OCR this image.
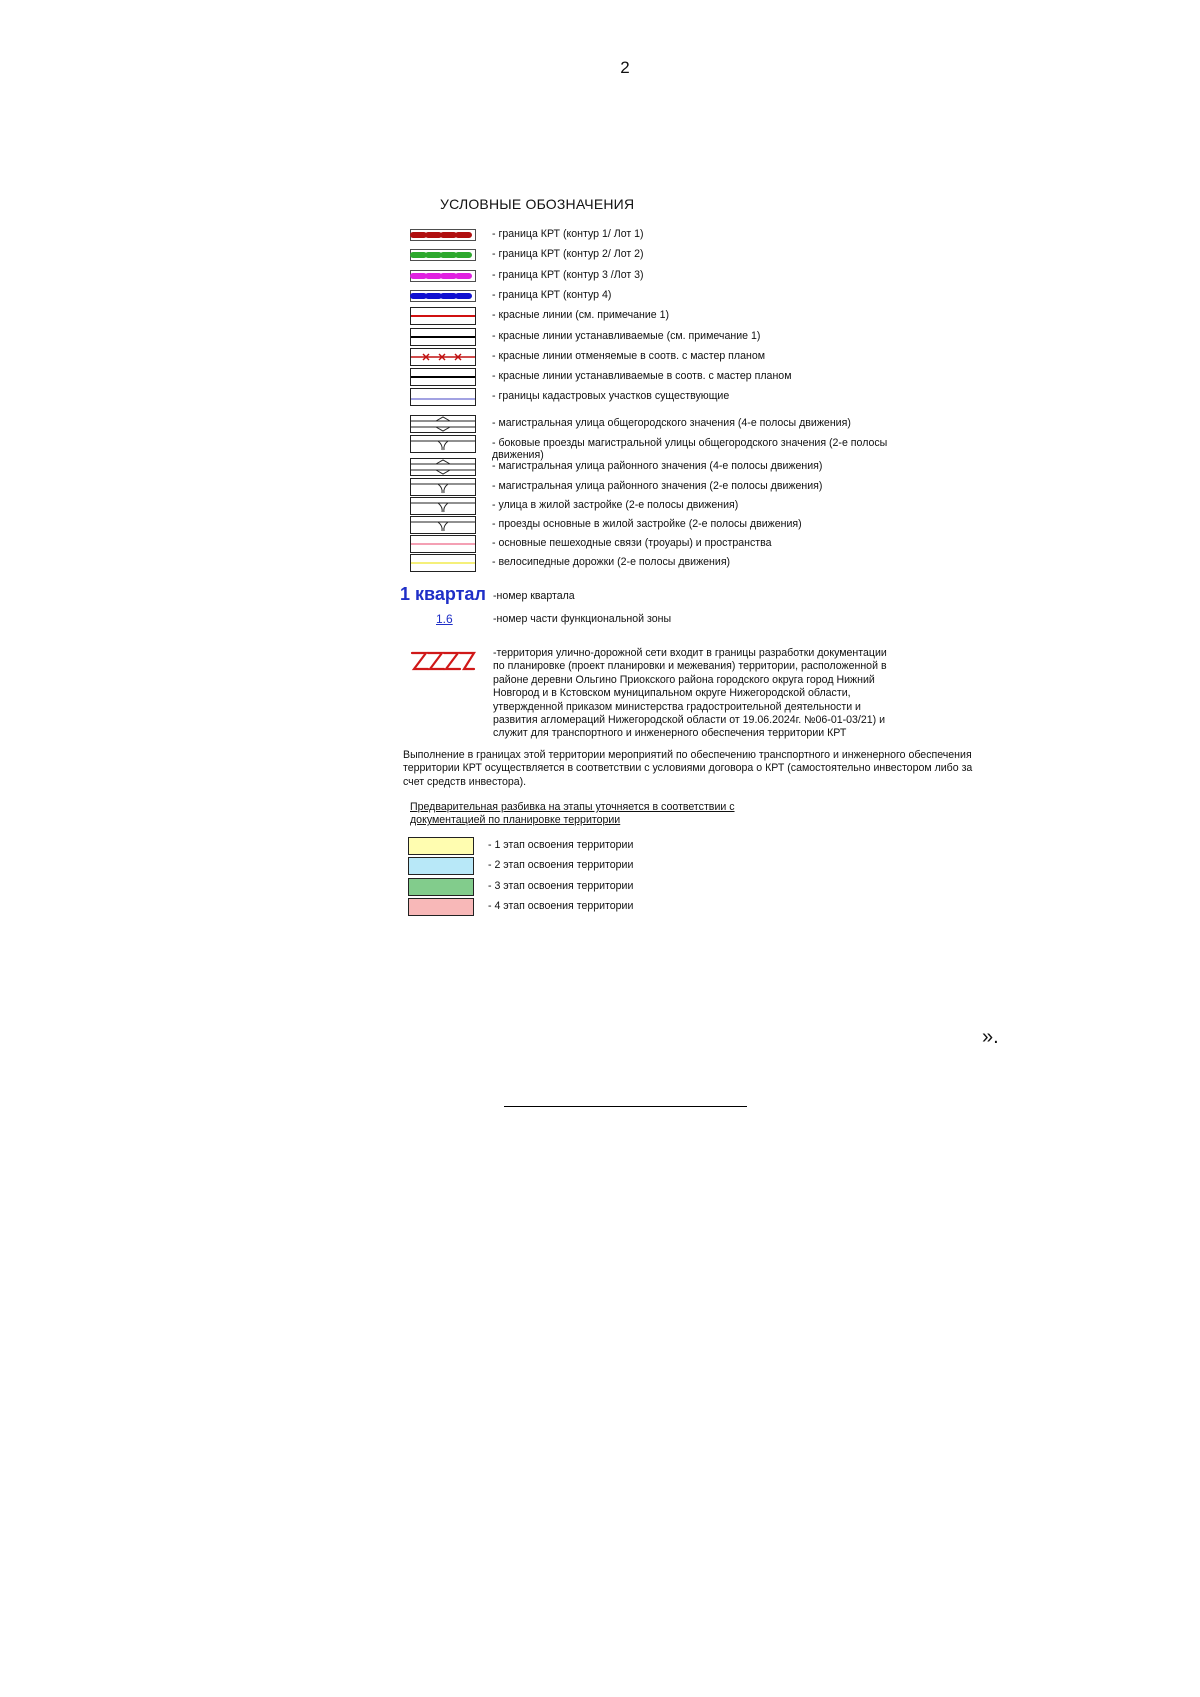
2
УСЛОВНЫЕ ОБОЗНАЧЕНИЯ
- граница КРТ (контур 1/ Лот 1)
- граница КРТ (контур 2/ Лот 2)
- граница КРТ (контур 3 /Лот 3)
- граница КРТ (контур 4)
- красные линии (см. примечание 1)
- красные линии устанавливаемые (см. примечание 1)
- красные линии отменяемые в соотв. с мастер планом
- красные линии устанавливаемые в соотв. с мастер планом
- границы кадастровых участков существующие
- магистральная улица общегородского значения (4-е полосы движения)
- боковые проезды магистральной улицы общегородского значения (2-е полосы движения)
- магистральная улица районного значения (4-е полосы движения)
- магистральная улица районного значения (2-е полосы движения)
- улица в жилой застройке (2-е полосы движения)
- проезды основные в жилой застройке (2-е полосы движения)
- основные пешеходные связи (троуары) и пространства
- велосипедные дорожки (2-е полосы движения)
1 квартал -номер квартала
1.6	-номер части функциональной зоны
-территория улично-дорожной сети входит в границы разработки документации по планировке (проект планировки и межевания) территории, расположенной в районе деревни Ольгино Приокского района городского округа город Нижний Новгород и в Кстовском муниципальном округе Нижегородской области, утвержденной приказом министерства градостроительной деятельности и развития агломераций Нижегородской области от 19.06.2024г. №06-01-03/21) и служит для транспортного и инженерного обеспечения территории КРТ
Выполнение в границах этой территории мероприятий по обеспечению транспортного и инженерного обеспечения территории КРТ осуществляется в соответствии с условиями договора о КРТ (самостоятельно инвестором либо за счет средств инвестора).
Предварительная разбивка на этапы уточняется в соответствии с документацией по планировке территории
- 1 этап освоения территории
- 2 этап освоения территории
- 3 этап освоения территории
- 4 этап освоения территории
».
